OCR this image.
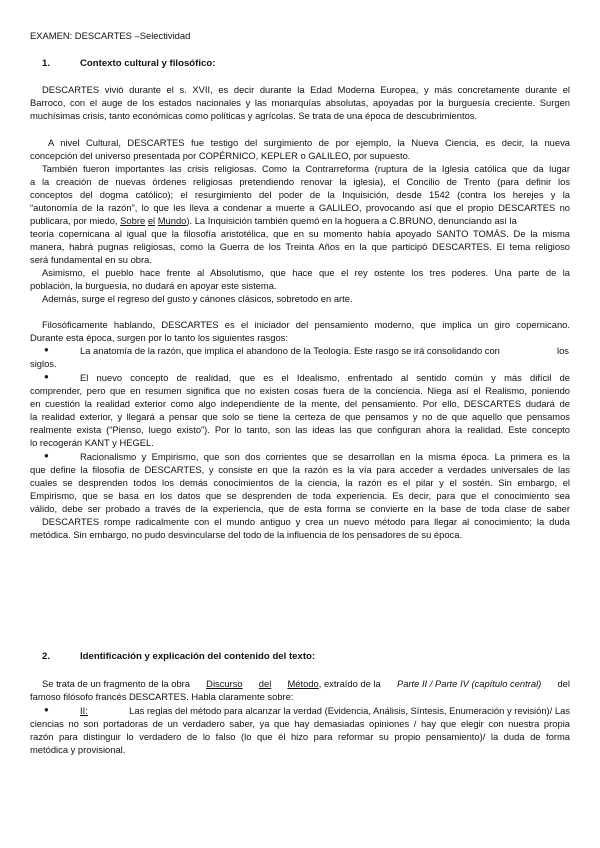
EXAMEN: DESCARTES –Selectividad
1.	Contexto cultural y filosófico:
DESCARTES vivió durante el s. XVII, es decir durante la Edad Moderna Europea, y más concretamente durante el
Barroco, con el auge de los estados nacionales y las monarquías absolutas, apoyadas por la burguesía creciente. Surgen
muchísimas crisis, tanto económicas como políticas y agrícolas. Se trata de una época de descubrimientos.
A nivel Cultural, DESCARTES fue testigo del surgimiento de por ejemplo, la Nueva Ciencia, es decir, la nueva
concepción del universo presentada por COPÉRNICO, KEPLER o GALILEO, por supuesto.
También fueron importantes las crisis religiosas. Como la Contrarreforma (ruptura de la Iglesia católica que da lugar
a la creación de nuevas órdenes religiosas pretendiendo renovar la iglesia), el Concilio de Trento (para definir los
conceptos del dogma católico); el resurgimiento del poder de la Inquisición, desde 1542 (contra los herejes y la
“autonomía de la razón”, lo que les lleva a condenar a muerte a GALILEO, provocando así que el propio DESCARTES no
publicara, por miedo, Sobre el Mundo). La Inquisición también quemó en la hoguera a C.BRUNO, denunciando así la
teoría copernicana al igual que la filosofía aristotélica, que en su momento había apoyado SANTO TOMÁS. De la misma
manera, habrá pugnas religiosas, como la Guerra de los Treinta Años en la que participó DESCARTES. El tema religioso
será fundamental en su obra.
Asimismo, el pueblo hace frente al Absolutismo, que hace que el rey ostente los tres poderes. Una parte de la
población, la burguesía, no dudará en apoyar este sistema.
Además, surge el regreso del gusto y cánones clásicos, sobretodo en arte.
Filosóficamente hablando, DESCARTES es el iniciador del pensamiento moderno, que implica un giro copernicano.
Durante esta época, surgen por lo tanto los siguientes rasgos:
●	La anatomía de la razón, que implica el abandono de la Teología. Este rasgo se irá consolidando con	los
siglos.
●	El nuevo concepto de realidad, que es el Idealismo, enfrentado al sentido común y más difícil de
comprender, pero que en resumen significa que no existen cosas fuera de la conciencia. Niega así el Realismo, poniendo
en cuestión la realidad exterior como algo independiente de la mente, del pensamiento. Por ello, DESCARTES dudará de
la realidad exterior, y llegará a pensar que solo se tiene la certeza de que pensamos y no de que aquello que pensamos
realmente exista (“Pienso, luego existo”). Por lo tanto, son las ideas las que configuran ahora la realidad. Este concepto
lo recogerán KANT y HEGEL.
●	Racionalismo y Empirismo, que son dos corrientes que se desarrollan en la misma época. La primera es la
que define la filosofía de DESCARTES, y consiste en que la razón es la vía para acceder a verdades universales de las
cuales se desprenden todos los demás conocimientos de la ciencia, la razón es el pilar y el sostén. Sin embargo, el
Empirismo, que se basa en los datos que se desprenden de toda experiencia. Es decir, para que el conocimiento sea
válido, debe ser probado a través de la experiencia, que de esta forma se convierte en la base de toda clase de saber
DESCARTES rompe radicalmente con el mundo antiguo y crea un nuevo método para llegar al conocimiento; la duda
metódica. Sin embargo, no pudo desvincularse del todo de la influencia de los pensadores de su época.
2.	Identificación y explicación del contenido del texto:
Se trata de un fragmento de la obra Discurso del Método, extraído de la Parte II / Parte IV (capítulo central) del
famoso filósofo francés DESCARTES. Habla claramente sobre:
●	II:	Las reglas del método para alcanzar la verdad (Evidencia, Análisis, Síntesis, Enumeración y revisión)/ Las
ciencias no son portadoras de un verdadero saber, ya que hay demasiadas opiniones / hay que elegir con nuestra propia
razón para distinguir lo verdadero de lo falso (lo que él hizo para reformar su propio pensamiento)/ la duda de forma
metódica y provisional.
